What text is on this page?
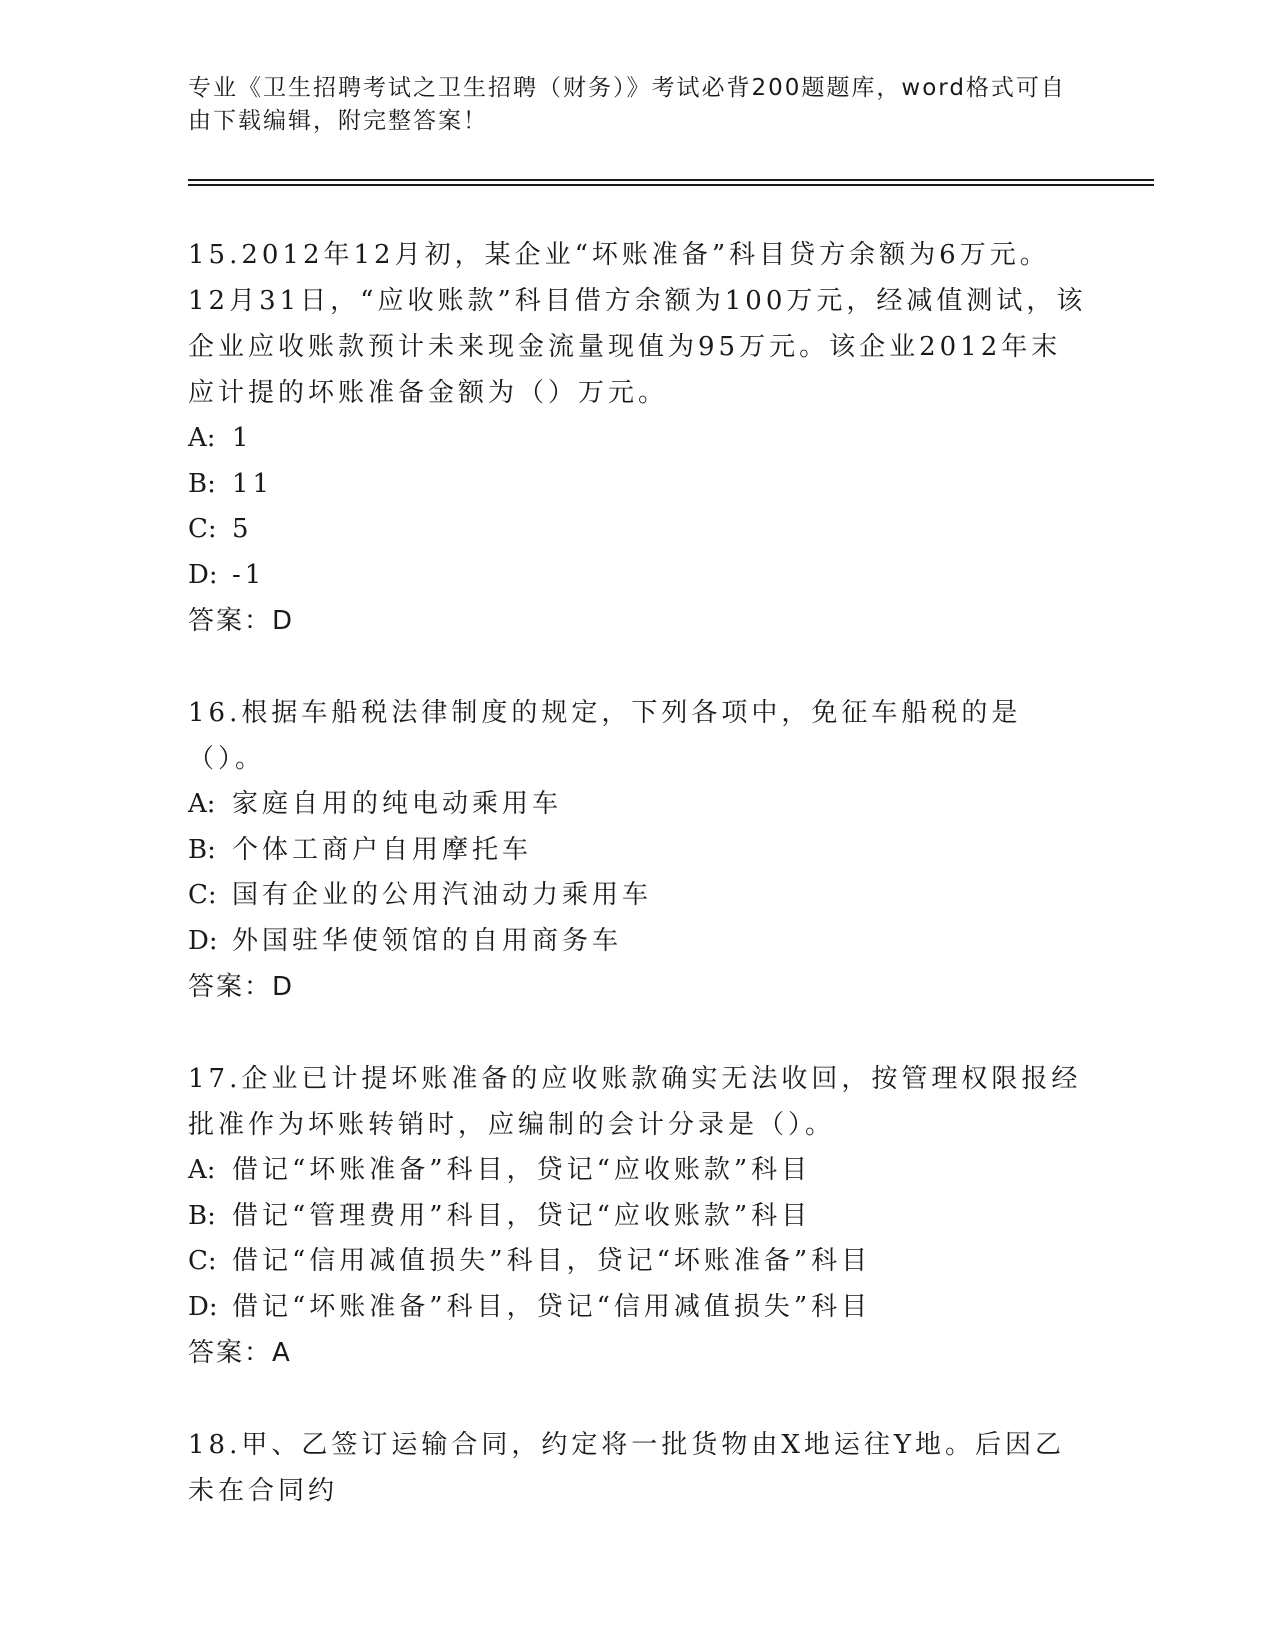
专业《卫生招聘考试之卫生招聘（财务）》考试必背200题题库，word格式可自
由下载编辑，附完整答案！
15.2012年12月初，某企业“坏账准备”科目贷方余额为6万元。12月31日，“应收账款”科目借方余额为100万元，经减值测试，该企业应收账款预计未来现金流量现值为95万元。该企业2012年末应计提的坏账准备金额为（）万元。
A: 1
B: 11
C: 5
D: -1
答案：D
16.根据车船税法律制度的规定，下列各项中，免征车船税的是（）。
A: 家庭自用的纯电动乘用车
B: 个体工商户自用摩托车
C: 国有企业的公用汽油动力乘用车
D: 外国驻华使领馆的自用商务车
答案：D
17.企业已计提坏账准备的应收账款确实无法收回，按管理权限报经批准作为坏账转销时，应编制的会计分录是（）。
A: 借记“坏账准备”科目，贷记“应收账款”科目
B: 借记“管理费用”科目，贷记“应收账款”科目
C: 借记“信用减值损失”科目，贷记“坏账准备”科目
D: 借记“坏账准备”科目，贷记“信用减值损失”科目
答案：A
18.甲、乙签订运输合同，约定将一批货物由X地运往Y地。后因乙未在合同约
